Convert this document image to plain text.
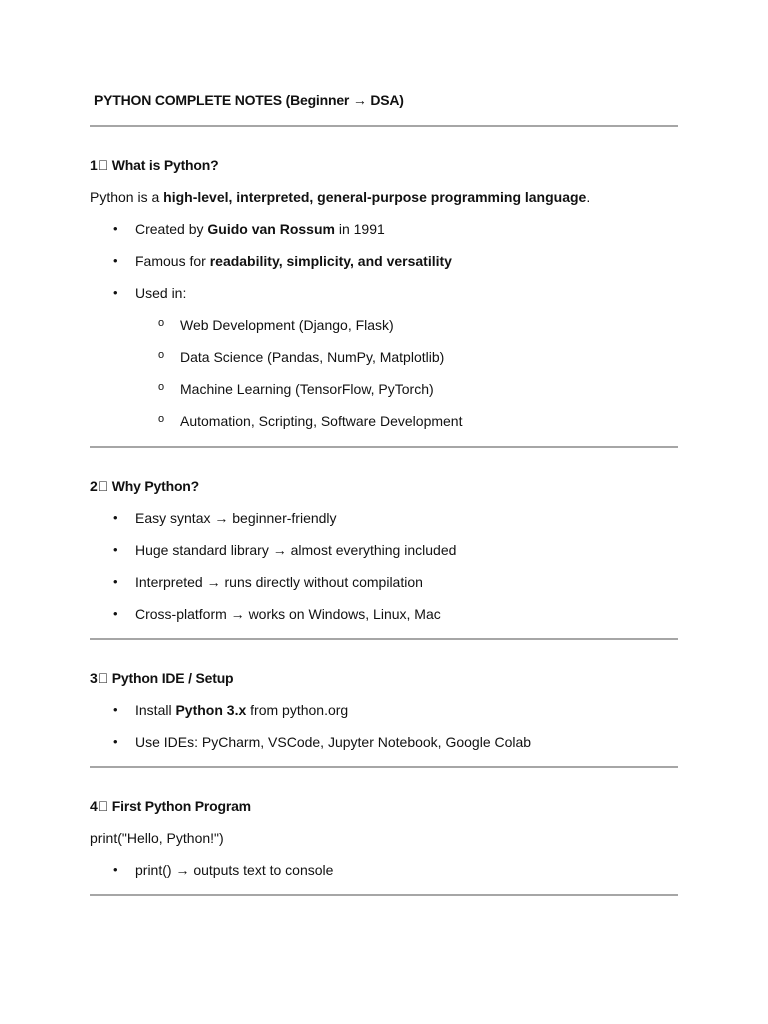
PYTHON COMPLETE NOTES (Beginner → DSA)
1⃣ What is Python?
Python is a high-level, interpreted, general-purpose programming language.
• Created by Guido van Rossum in 1991
• Famous for readability, simplicity, and versatility
• Used in:
o Web Development (Django, Flask)
o Data Science (Pandas, NumPy, Matplotlib)
o Machine Learning (TensorFlow, PyTorch)
o Automation, Scripting, Software Development
2⃣ Why Python?
• Easy syntax → beginner-friendly
• Huge standard library → almost everything included
• Interpreted → runs directly without compilation
• Cross-platform → works on Windows, Linux, Mac
3⃣ Python IDE / Setup
• Install Python 3.x from python.org
• Use IDEs: PyCharm, VSCode, Jupyter Notebook, Google Colab
4⃣ First Python Program
print("Hello, Python!")
• print() → outputs text to console
